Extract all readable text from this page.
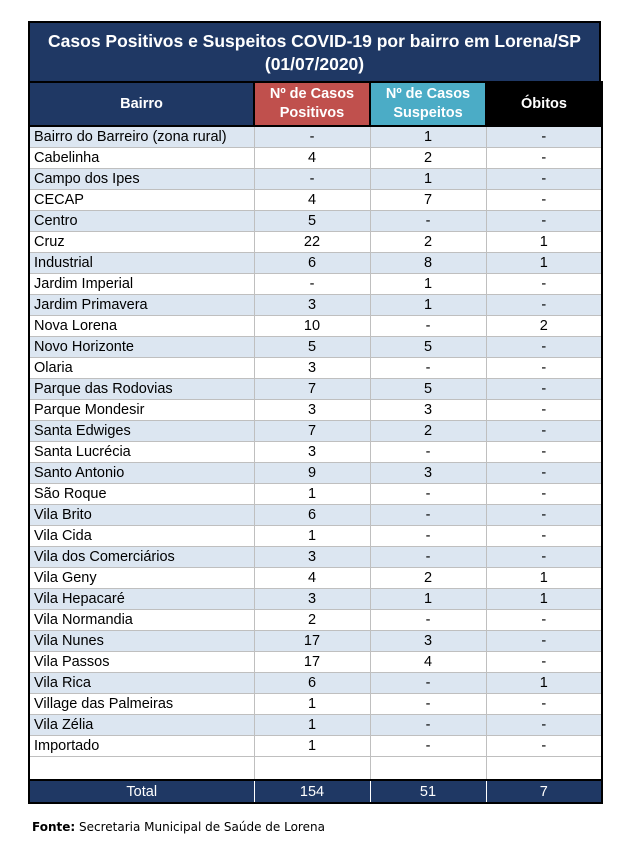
Casos Positivos e Suspeitos COVID-19 por bairro em Lorena/SP (01/07/2020)
Bairro	Nº de Casos Positivos	Nº de Casos Suspeitos	Óbitos
Bairro do Barreiro (zona rural)	-	1	-
Cabelinha	4	2	-
Campo dos Ipes	-	1	-
CECAP	4	7	-
Centro	5	-	-
Cruz	22	2	1
Industrial	6	8	1
Jardim Imperial	-	1	-
Jardim Primavera	3	1	-
Nova Lorena	10	-	2
Novo Horizonte	5	5	-
Olaria	3	-	-
Parque das Rodovias	7	5	-
Parque Mondesir	3	3	-
Santa Edwiges	7	2	-
Santa Lucrécia	3	-	-
Santo Antonio	9	3	-
São Roque	1	-	-
Vila Brito	6	-	-
Vila Cida	1	-	-
Vila dos Comerciários	3	-	-
Vila Geny	4	2	1
Vila Hepacaré	3	1	1
Vila Normandia	2	-	-
Vila Nunes	17	3	-
Vila Passos	17	4	-
Vila Rica	6	-	1
Village das Palmeiras	1	-	-
Vila Zélia	1	-	-
Importado	1	-	-

Total	154	51	7
Fonte: Secretaria Municipal de Saúde de Lorena
